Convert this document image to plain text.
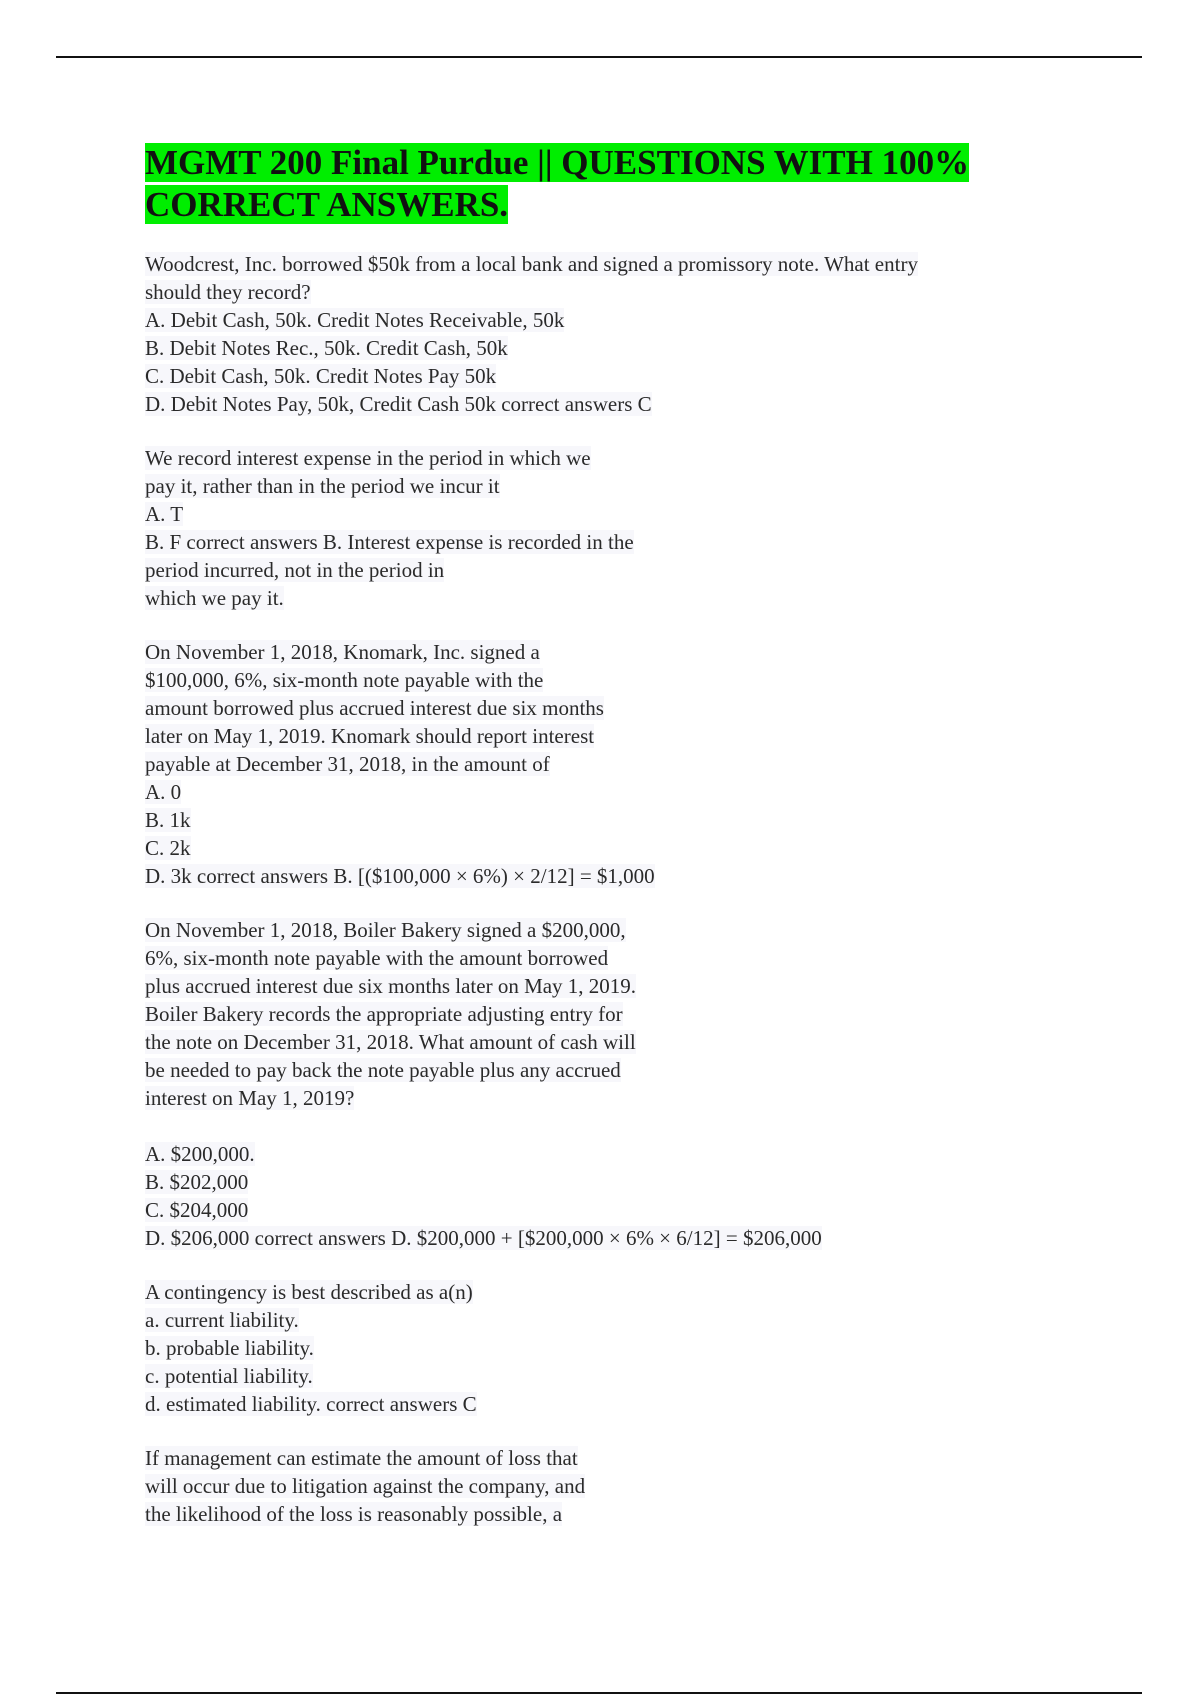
MGMT 200 Final Purdue || QUESTIONS WITH 100%
CORRECT ANSWERS.
Woodcrest, Inc. borrowed $50k from a local bank and signed a promissory note. What entry
should they record?
A. Debit Cash, 50k. Credit Notes Receivable, 50k
B. Debit Notes Rec., 50k. Credit Cash, 50k
C. Debit Cash, 50k. Credit Notes Pay 50k
D. Debit Notes Pay, 50k, Credit Cash 50k correct answers C
We record interest expense in the period in which we
pay it, rather than in the period we incur it
A. T
B. F correct answers B. Interest expense is recorded in the
period incurred, not in the period in
which we pay it.
On November 1, 2018, Knomark, Inc. signed a
$100,000, 6%, six-month note payable with the
amount borrowed plus accrued interest due six months
later on May 1, 2019. Knomark should report interest
payable at December 31, 2018, in the amount of
A. 0
B. 1k
C. 2k
D. 3k correct answers B. [($100,000 × 6%) × 2/12] = $1,000
On November 1, 2018, Boiler Bakery signed a $200,000,
6%, six-month note payable with the amount borrowed
plus accrued interest due six months later on May 1, 2019.
Boiler Bakery records the appropriate adjusting entry for
the note on December 31, 2018. What amount of cash will
be needed to pay back the note payable plus any accrued
interest on May 1, 2019?
A. $200,000.
B. $202,000
C. $204,000
D. $206,000 correct answers D. $200,000 + [$200,000 × 6% × 6/12] = $206,000
A contingency is best described as a(n)
a. current liability.
b. probable liability.
c. potential liability.
d. estimated liability. correct answers C
If management can estimate the amount of loss that
will occur due to litigation against the company, and
the likelihood of the loss is reasonably possible, a
